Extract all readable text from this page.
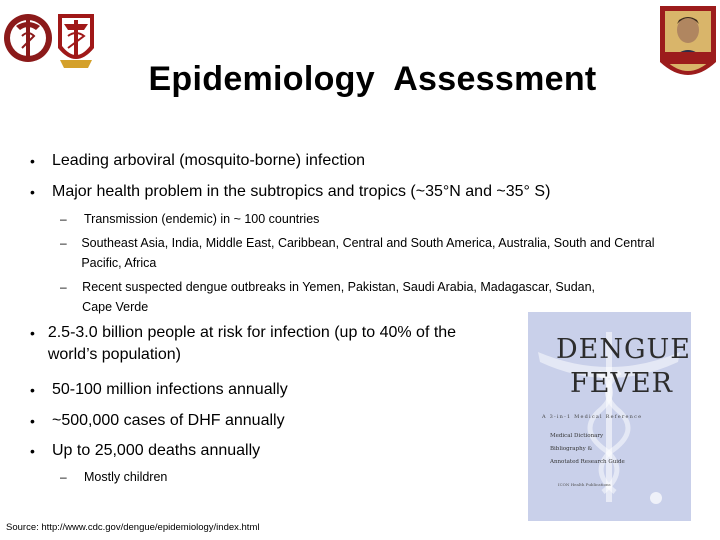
Epidemiology  Assessment
•	Leading arboviral (mosquito-borne) infection
•	Major health problem in the subtropics and tropics (~35°N and ~35° S)
–	Transmission (endemic) in ~ 100 countries
–	Southeast Asia, India, Middle East, Caribbean, Central and South America, Australia, South and Central Pacific, Africa
–	Recent suspected dengue outbreaks in Yemen, Pakistan, Saudi Arabia, Madagascar, Sudan, Cape Verde
• 2.5-3.0 billion people at risk for infection (up to 40% of the world’s population)
•	50-100 million infections annually
•	~500,000 cases of DHF annually
•	Up to 25,000 deaths annually
–	Mostly children
DENGUE
FEVER
A 3-in-1 Medical Reference
Medical Dictionary
Bibliography &
Annotated Research Guide
ICON Health Publications
Source: http://www.cdc.gov/dengue/epidemiology/index.html
